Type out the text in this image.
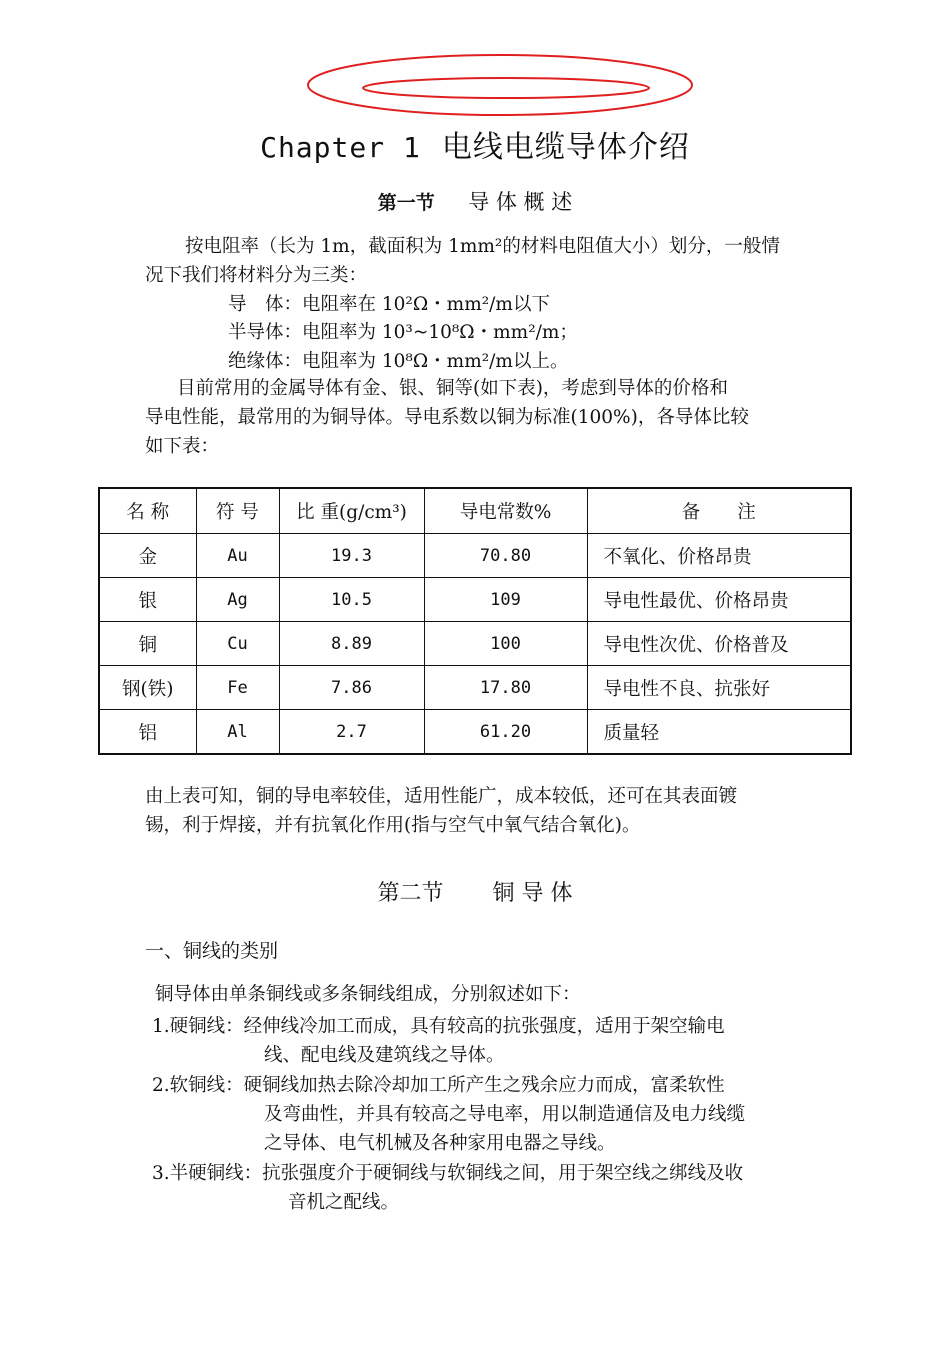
Chapter 1 电线电缆导体介绍
第一节 导 体 概 述
按电阻率（长为 1m，截面积为 1mm²的材料电阻值大小）划分，一般情
况下我们将材料分为三类：
导　体：电阻率在 10²Ω・mm²/m以下
半导体：电阻率为 10³~10⁸Ω・mm²/m；
绝缘体：电阻率为 10⁸Ω・mm²/m以上。
目前常用的金属导体有金、银、铜等(如下表)，考虑到导体的价格和
导电性能，最常用的为铜导体。导电系数以铜为标准(100%)，各导体比较
如下表：
名 称	符 号	比 重(g/cm³)	导电常数%	备　　注
金	Au	19.3	70.80	不氧化、价格昂贵
银	Ag	10.5	109	导电性最优、价格昂贵
铜	Cu	8.89	100	导电性次优、价格普及
钢(铁)	Fe	7.86	17.80	导电性不良、抗张好
铝	Al	2.7	61.20	质量轻
由上表可知，铜的导电率较佳，适用性能广，成本较低，还可在其表面镀
锡，利于焊接，并有抗氧化作用(指与空气中氧气结合氧化)。
第二节 铜 导 体
一、铜线的类别
铜导体由单条铜线或多条铜线组成，分别叙述如下：
1.硬铜线：经伸线冷加工而成，具有较高的抗张强度，适用于架空输电
线、配电线及建筑线之导体。
2.软铜线：硬铜线加热去除冷却加工所产生之残余应力而成，富柔软性
及弯曲性，并具有较高之导电率，用以制造通信及电力线缆
之导体、电气机械及各种家用电器之导线。
3.半硬铜线：抗张强度介于硬铜线与软铜线之间，用于架空线之绑线及收
音机之配线。
